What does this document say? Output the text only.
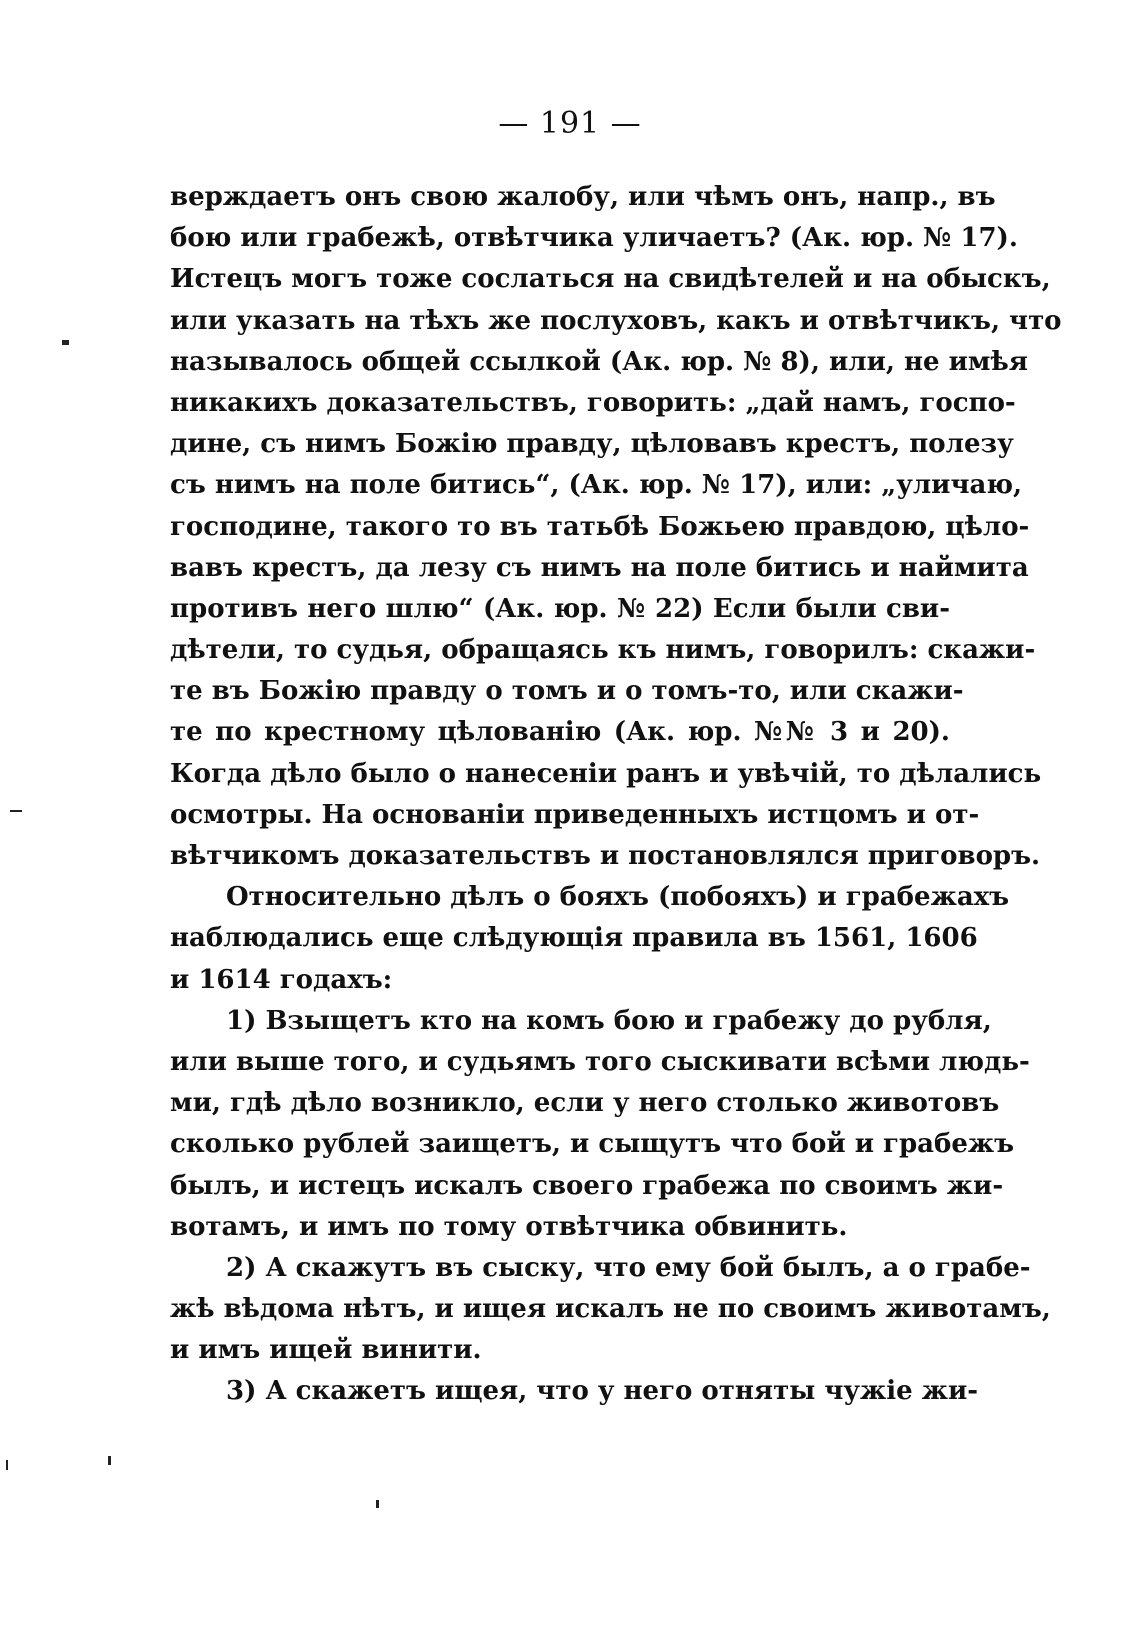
— 191 —
верждаетъ онъ свою жалобу, или чѣмъ онъ, напр., въ
бою или грабежѣ, отвѣтчика уличаетъ? (Ак. юр. № 17).
Истецъ могъ тоже сослаться на свидѣтелей и на обыскъ,
или указать на тѣхъ же послуховъ, какъ и отвѣтчикъ, что
называлось общей ссылкой (Ак. юр. № 8), или, не имѣя
никакихъ доказательствъ, говорить: „дай намъ, госпо-
дине, съ нимъ Божію правду, цѣловавъ крестъ, полезу
съ нимъ на поле битись“, (Ак. юр. № 17), или: „уличаю,
господине, такого то въ татьбѣ Божьею правдою, цѣло-
вавъ крестъ, да лезу съ нимъ на поле битись и наймита
противъ него шлю“ (Ак. юр. № 22) Если были сви-
дѣтели, то судья, обращаясь къ нимъ, говорилъ: скажи-
те въ Божію правду о томъ и о томъ-то, или скажи-
те по крестному цѣлованію (Ак. юр. №№ 3 и 20).
Когда дѣло было о нанесеніи ранъ и увѣчій, то дѣлались
осмотры. На основаніи приведенныхъ истцомъ и от-
вѣтчикомъ доказательствъ и постановлялся приговоръ.
Относительно дѣлъ о бояхъ (побояхъ) и грабежахъ
наблюдались еще слѣдующія правила въ 1561, 1606
и 1614 годахъ:
1) Взыщетъ кто на комъ бою и грабежу до рубля,
или выше того, и судьямъ того сыскивати всѣми людь-
ми, гдѣ дѣло возникло, если у него столько животовъ
сколько рублей заищетъ, и сыщутъ что бой и грабежъ
былъ, и истецъ искалъ своего грабежа по своимъ жи-
вотамъ, и имъ по тому отвѣтчика обвинить.
2) А скажутъ въ сыску, что ему бой былъ, а о грабе-
жѣ вѣдома нѣтъ, и ищея искалъ не по своимъ животамъ,
и имъ ищей винити.
3) А скажетъ ищея, что у него отняты чужіе жи-
